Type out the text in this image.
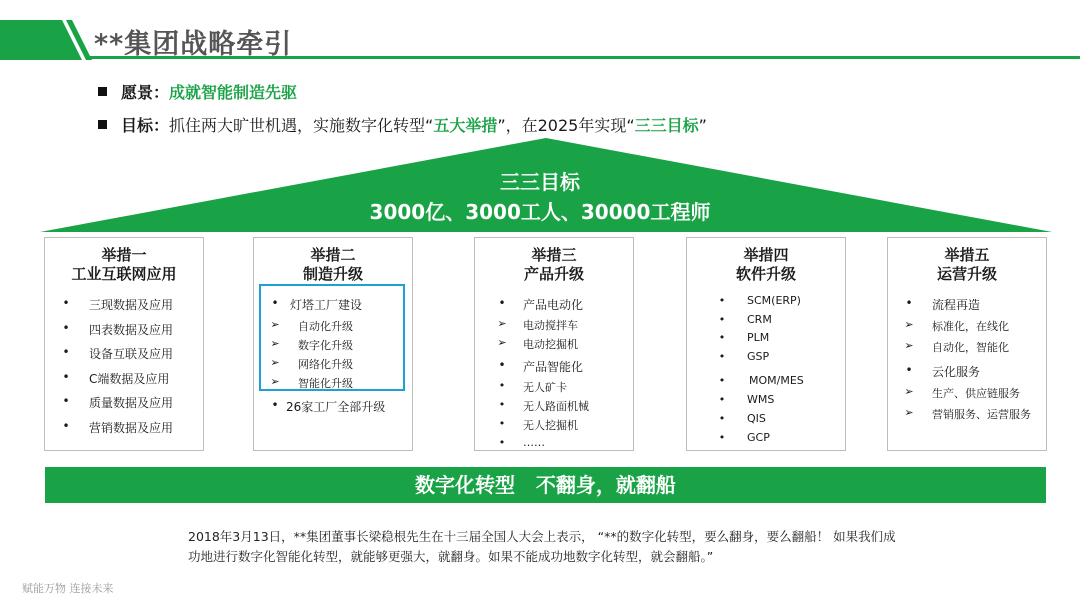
**集团战略牵引
愿景：成就智能制造先驱
目标：抓住两大旷世机遇，实施数字化转型“五大举措”，在2025年实现“三三目标”
三三目标
3000亿、3000工人、30000工程师
举措一
工业互联网应用
• 三现数据及应用
• 四表数据及应用
• 设备互联及应用
• C端数据及应用
• 质量数据及应用
• 营销数据及应用
举措二
制造升级
• 灯塔工厂建设
➢ 自动化升级
➢ 数字化升级
➢ 网络化升级
➢ 智能化升级
• 26家工厂全部升级
举措三
产品升级
• 产品电动化
➢ 电动搅拌车
➢ 电动挖掘机
• 产品智能化
•	无人矿卡
•	无人路面机械
•	无人挖掘机
•	……
举措四
软件升级
•	SCM(ERP)
•	CRM
•	PLM
•	GSP
•	MOM/MES
•	WMS
•	QIS
•	GCP
举措五
运营升级
• 流程再造
➢ 标准化，在线化
➢ 自动化，智能化
• 云化服务
➢ 生产、供应链服务
➢ 营销服务、运营服务
数字化转型   不翻身，就翻船
2018年3月13日，**集团董事长梁稳根先生在十三届全国人大会上表示， “**的数字化转型，要么翻身，要么翻船！ 如果我们成功地进行数字化智能化转型，就能够更强大，就翻身。如果不能成功地数字化转型，就会翻船。”
赋能万物 连接未来
